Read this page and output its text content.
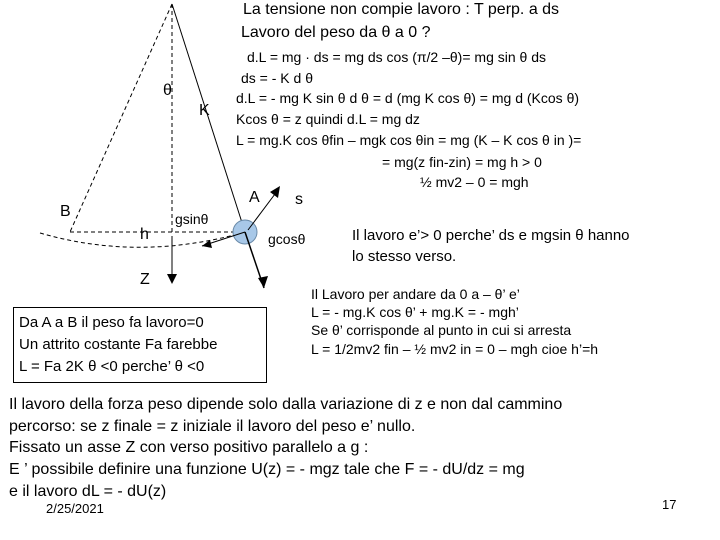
La tensione non compie lavoro : T perp. a ds
Lavoro del peso da θ a 0 ?
d.L = mg · ds = mg ds cos (π/2 –θ)= mg sin θ ds
ds = - K d θ
d.L = - mg K sin θ d θ = d (mg K cos θ) = mg d (Kcos θ)
Kcos θ = z quindi d.L = mg dz
L = mg.K cos θfin – mgk cos θin = mg (K – K cos θ in )=
= mg(z fin-zin) = mg h > 0
½ mv2 – 0 = mgh
θ
K
B
h
gsinθ
A s
gcosθ
Z
Il lavoro e’> 0 perche’ ds e mgsin θ hanno
lo stesso verso.
Da A a B il peso fa lavoro=0
Un attrito costante Fa farebbe
L = Fa 2K θ <0 perche’ θ <0
Il Lavoro per andare da 0 a – θ’ e’
L = - mg.K cos θ’ + mg.K = - mgh’
Se θ’ corrisponde al punto in cui si arresta
L = 1/2mv2 fin – ½ mv2 in = 0 – mgh cioe h’=h
Il lavoro della forza peso dipende solo dalla variazione di z e non dal cammino
percorso: se z finale = z iniziale il lavoro del peso e’ nullo.
Fissato un asse Z con verso positivo parallelo a g :
E ’ possibile definire una funzione U(z) = - mgz tale che F = - dU/dz = mg
e il lavoro dL = - dU(z)
2/25/2021	17
